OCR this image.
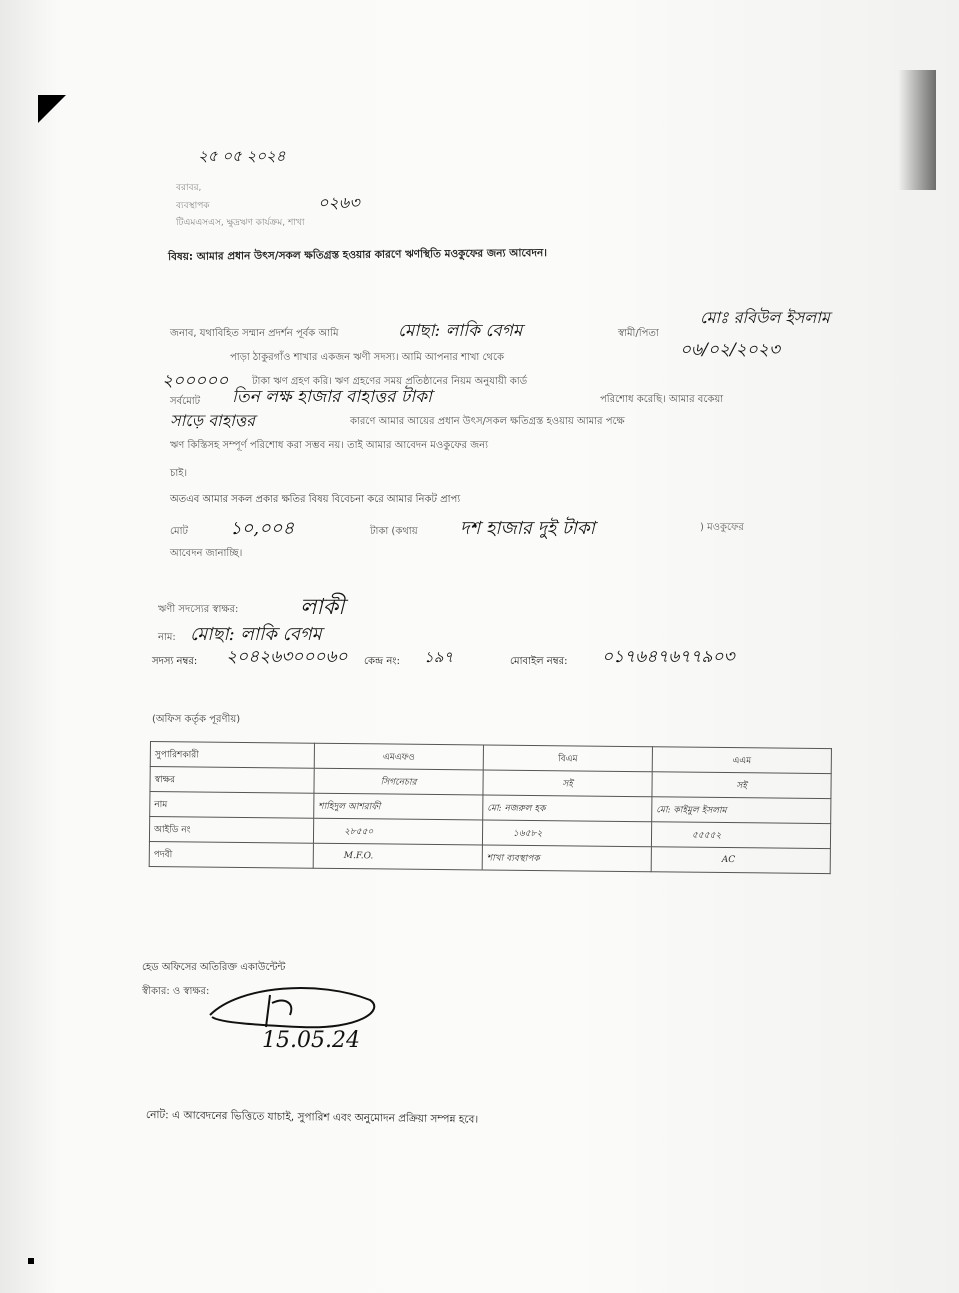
২৫ ০৫ ২০২৪
বরাবর,
ব্যবস্থাপক	০২৬৩
টিএমএসএস, ক্ষুদ্রঋণ কার্যক্রম, শাখা
বিষয়: আমার প্রধান উৎস/সকল ক্ষতিগ্রস্ত হওয়ার কারণে ঋণস্থিতি মওকুফের জন্য আবেদন।
জনাব, যথাবিহিত সম্মান প্রদর্শন পূর্বক আমি	মোছা: লাকি বেগম	স্বামী/পিতা
মোঃ রবিউল ইসলাম
পাড়া ঠাকুরগাঁও শাখার একজন ঋণী সদস্য। আমি আপনার শাখা থেকে	০৬/০২/২০২৩
২০০০০০ টাকা ঋণ গ্রহণ করি। ঋণ গ্রহণের সময় প্রতিষ্ঠানের নিয়ম অনুযায়ী কার্ড
সর্বমোট তিন লক্ষ হাজার বাহাত্তর টাকা	পরিশোধ করেছি। আমার বকেয়া
সাড়ে বাহাত্তর	কারণে আমার আয়ের প্রধান উৎস/সকল ক্ষতিগ্রস্ত হওয়ায় আমার পক্ষে
ঋণ কিস্তিসহ সম্পূর্ণ পরিশোধ করা সম্ভব নয়। তাই আমার আবেদন মওকুফের জন্য
চাই।
অতএব আমার সকল প্রকার ক্ষতির বিষয় বিবেচনা করে আমার নিকট প্রাপ্য
মোট ১০,০০৪	টাকা (কথায় দশ হাজার দুই টাকা	) মওকুফের
আবেদন জানাচ্ছি।
ঋণী সদস্যের স্বাক্ষর:	লাকী
নাম: মোছা: লাকি বেগম
সদস্য নম্বর: ২০৪২৬৩০০০৬০ কেন্দ্র নং: ১৯৭	মোবাইল নম্বর: ০১৭৬৪৭৬৭৭৯০৩
(অফিস কর্তৃক পূরণীয়)
সুপারিশকারী	এমএফও	বিএম	এএম
স্বাক্ষর	সিগনেচার	সই	সই
নাম	শাহিদুল আশরাফী	মো: নজরুল হক	মো: কাইমুল ইসলাম
আইডি নং	২৮৫৫০	১৬৫৮২	৫৫৫৫২
পদবী	M.F.O.	শাখা ব্যবস্থাপক	AC
হেড অফিসের অতিরিক্ত একাউন্টেন্ট
স্বীকার: ও স্বাক্ষর:
15.05.24
নোট: এ আবেদনের ভিত্তিতে যাচাই, সুপারিশ এবং অনুমোদন প্রক্রিয়া সম্পন্ন হবে।
